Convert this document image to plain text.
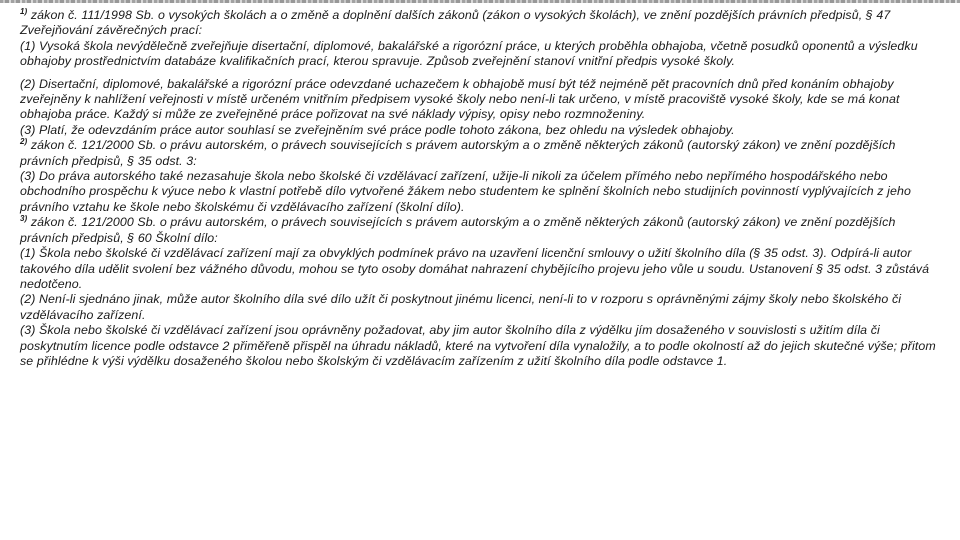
$^{1)}$ zákon č. 111/1998 Sb. o vysokých školách a o změně a doplnění dalších zákonů (zákon o vysokých školách), ve znění pozdějších právních předpisů, § 47 Zveřejňování závěrečných prací:

(1) Vysoká škola nevýdělečně zveřejňuje disertační, diplomové, bakalářské a rigorózní práce, u kterých proběhla obhajoba, včetně posudků oponentů a výsledku obhajoby prostřednictvím databáze kvalifikačních prací, kterou spravuje. Způsob zveřejnění stanoví vnitřní předpis vysoké školy.

(2) Disertační, diplomové, bakalářské a rigorózní práce odevzdané uchazečem k obhajobě musí být též nejméně pět pracovních dnů před konáním obhajoby zveřejněny k nahlížení veřejnosti v místě určeném vnitřním předpisem vysoké školy nebo není-li tak určeno, v místě pracoviště vysoké školy, kde se má konat obhajoba práce. Každý si může ze zveřejněné práce pořizovat na své náklady výpisy, opisy nebo rozmnoženiny.

(3) Platí, že odevzdáním práce autor souhlasí se zveřejněním své práce podle tohoto zákona, bez ohledu na výsledek obhajoby.

$^{2)}$ zákon č. 121/2000 Sb. o právu autorském, o právech souvisejících s právem autorským a o změně některých zákonů (autorský zákon) ve znění pozdějších právních předpisů, § 35 odst. 3:

(3) Do práva autorského také nezasahuje škola nebo školské či vzdělávací zařízení, užije-li nikoli za účelem přímého nebo nepřímého hospodářského nebo obchodního prospěchu k výuce nebo k vlastní potřebě dílo vytvořené žákem nebo studentem ke splnění školních nebo studijních povinností vyplývajících z jeho právního vztahu ke škole nebo školskému či vzdělávacího zařízení (školní dílo).

$^{3)}$ zákon č. 121/2000 Sb. o právu autorském, o právech souvisejících s právem autorským a o změně některých zákonů (autorský zákon) ve znění pozdějších právních předpisů, § 60 Školní dílo:

(1) Škola nebo školské či vzdělávací zařízení mají za obvyklých podmínek právo na uzavření licenční smlouvy o užití školního díla (§ 35 odst. 3). Odpírá-li autor takového díla udělit svolení bez vážného důvodu, mohou se tyto osoby domáhat nahrazení chybějícího projevu jeho vůle u soudu. Ustanovení § 35 odst. 3 zůstává nedotčeno.

(2) Není-li sjednáno jinak, může autor školního díla své dílo užít či poskytnout jinému licenci, není-li to v rozporu s oprávněnými zájmy školy nebo školského či vzdělávacího zařízení.

(3) Škola nebo školské či vzdělávací zařízení jsou oprávněny požadovat, aby jim autor školního díla z výdělku jím dosaženého v souvislosti s užitím díla či poskytnutím licence podle odstavce 2 přiměřeně přispěl na úhradu nákladů, které na vytvoření díla vynaložily, a to podle okolností až do jejich skutečné výše; přitom se přihlédne k výši výdělku dosaženého školou nebo školským či vzdělávacím zařízením z užití školního díla podle odstavce 1.
